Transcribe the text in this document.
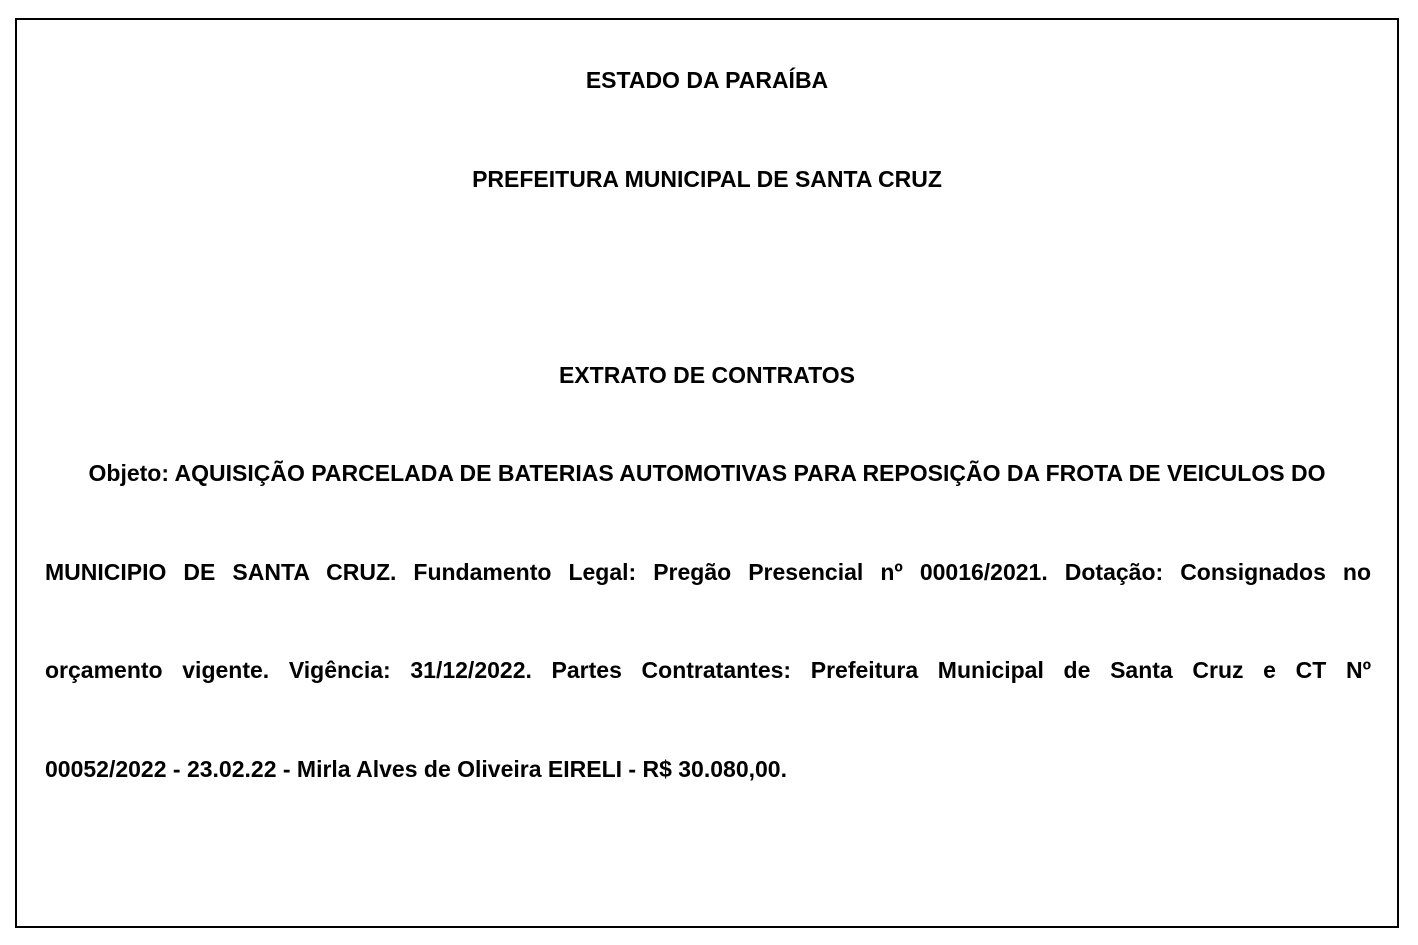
ESTADO DA PARAÍBA
PREFEITURA MUNICIPAL DE SANTA CRUZ
EXTRATO DE CONTRATOS
Objeto: AQUISIÇÃO PARCELADA DE BATERIAS AUTOMOTIVAS PARA REPOSIÇÃO DA FROTA DE VEICULOS DO
MUNICIPIO DE SANTA CRUZ. Fundamento Legal: Pregão Presencial nº 00016/2021. Dotação: Consignados no
orçamento vigente. Vigência: 31/12/2022. Partes Contratantes: Prefeitura Municipal de Santa Cruz e CT Nº
00052/2022 - 23.02.22 - Mirla Alves de Oliveira EIRELI - R$ 30.080,00.
